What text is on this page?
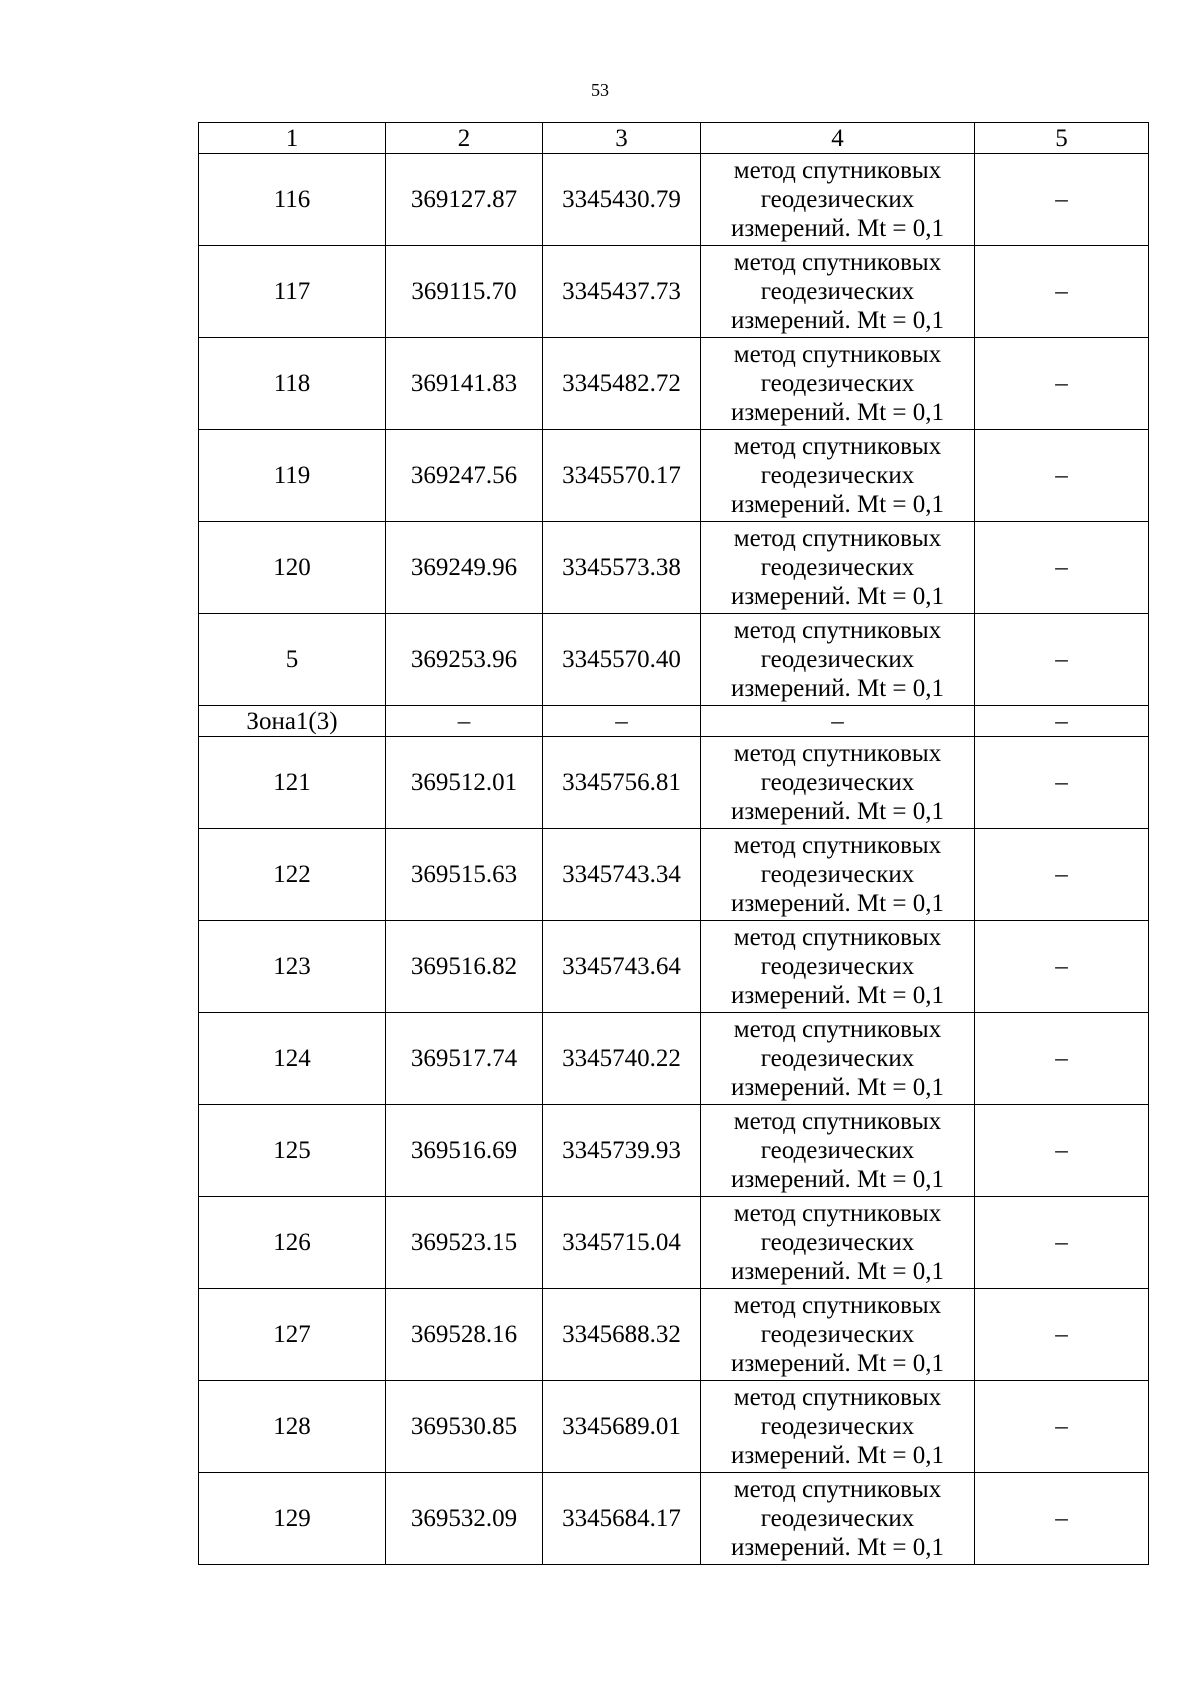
53
1	2	3	4	5
116	369127.87	3345430.79	метод спутниковых
геодезических
измерений. Mt = 0,1	–
117	369115.70	3345437.73	метод спутниковых
геодезических
измерений. Mt = 0,1	–
118	369141.83	3345482.72	метод спутниковых
геодезических
измерений. Mt = 0,1	–
119	369247.56	3345570.17	метод спутниковых
геодезических
измерений. Mt = 0,1	–
120	369249.96	3345573.38	метод спутниковых
геодезических
измерений. Mt = 0,1	–
5	369253.96	3345570.40	метод спутниковых
геодезических
измерений. Mt = 0,1	–
Зона1(3)	–	–	–	–
121	369512.01	3345756.81	метод спутниковых
геодезических
измерений. Mt = 0,1	–
122	369515.63	3345743.34	метод спутниковых
геодезических
измерений. Mt = 0,1	–
123	369516.82	3345743.64	метод спутниковых
геодезических
измерений. Mt = 0,1	–
124	369517.74	3345740.22	метод спутниковых
геодезических
измерений. Mt = 0,1	–
125	369516.69	3345739.93	метод спутниковых
геодезических
измерений. Mt = 0,1	–
126	369523.15	3345715.04	метод спутниковых
геодезических
измерений. Mt = 0,1	–
127	369528.16	3345688.32	метод спутниковых
геодезических
измерений. Mt = 0,1	–
128	369530.85	3345689.01	метод спутниковых
геодезических
измерений. Mt = 0,1	–
129	369532.09	3345684.17	метод спутниковых
геодезических
измерений. Mt = 0,1	–
